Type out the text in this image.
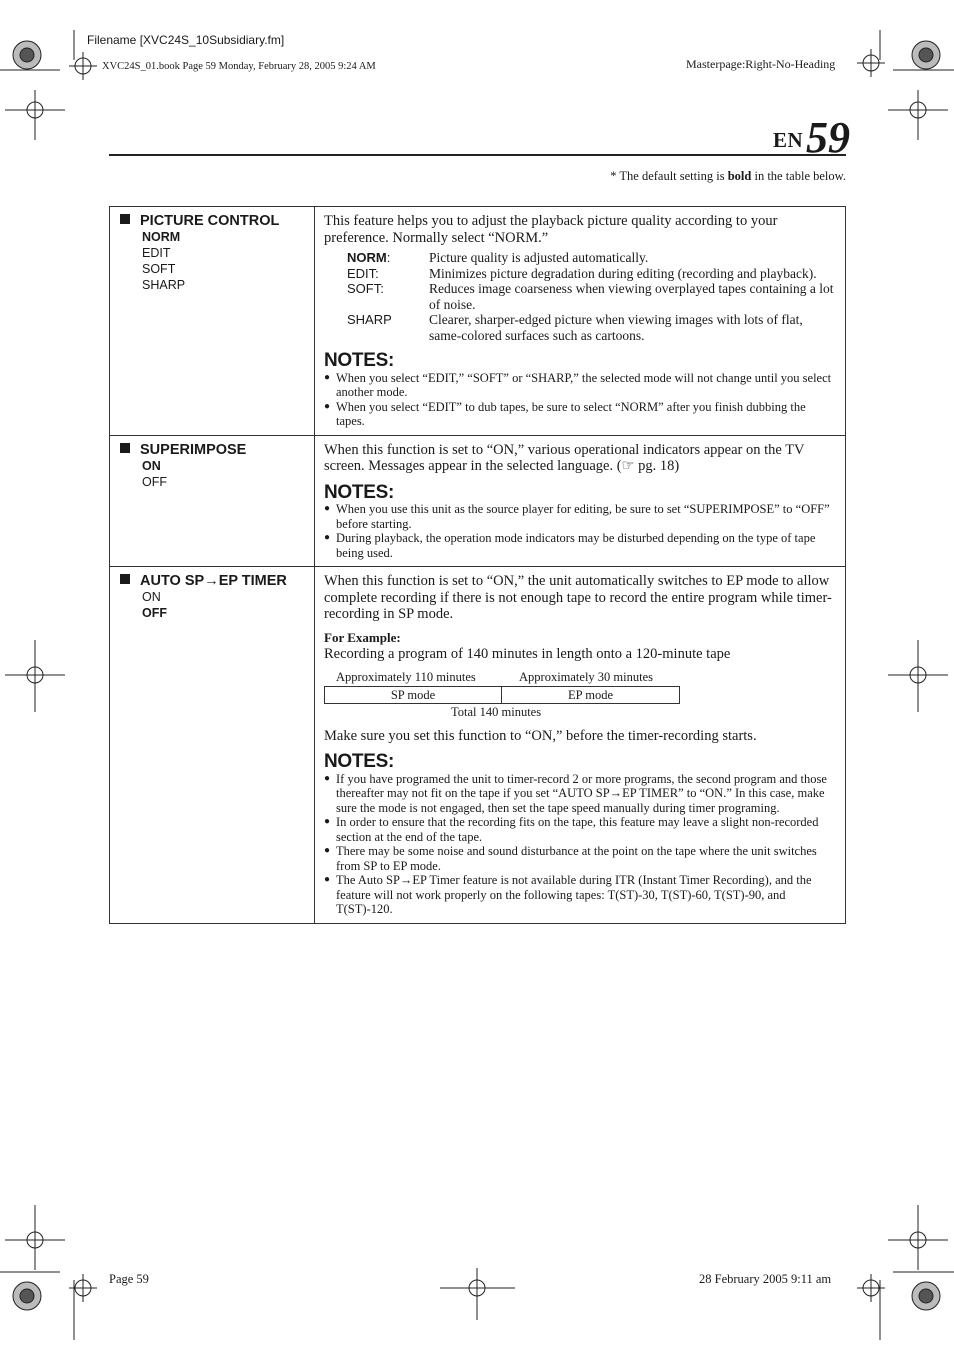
Filename [XVC24S_10Subsidiary.fm]
XVC24S_01.book Page 59 Monday, February 28, 2005 9:24 AM	Masterpage:Right-No-Heading
EN 59
* The default setting is bold in the table below.
PICTURE CONTROL
NORM
EDIT
SOFT
SHARP

This feature helps you to adjust the playback picture quality according to your preference. Normally select “NORM.”
NORM:	Picture quality is adjusted automatically.
EDIT:	Minimizes picture degradation during editing (recording and playback).
SOFT:	Reduces image coarseness when viewing overplayed tapes containing a lot of noise.
SHARP	Clearer, sharper-edged picture when viewing images with lots of flat, same-colored surfaces such as cartoons.
NOTES:
● When you select “EDIT,” “SOFT” or “SHARP,” the selected mode will not change until you select another mode.
● When you select “EDIT” to dub tapes, be sure to select “NORM” after you finish dubbing the tapes.

SUPERIMPOSE
ON
OFF

When this function is set to “ON,” various operational indicators appear on the TV screen. Messages appear in the selected language. (☞ pg. 18)
NOTES:
● When you use this unit as the source player for editing, be sure to set “SUPERIMPOSE” to “OFF” before starting.
● During playback, the operation mode indicators may be disturbed depending on the type of tape being used.

AUTO SP→EP TIMER
ON
OFF

When this function is set to “ON,” the unit automatically switches to EP mode to allow complete recording if there is not enough tape to record the entire program while timer-recording in SP mode.
For Example:
Recording a program of 140 minutes in length onto a 120-minute tape
Approximately 110 minutes	Approximately 30 minutes
SP mode	EP mode
Total 140 minutes
Make sure you set this function to “ON,” before the timer-recording starts.
NOTES:
● If you have programed the unit to timer-record 2 or more programs, the second program and those thereafter may not fit on the tape if you set “AUTO SP→EP TIMER” to “ON.” In this case, make sure the mode is not engaged, then set the tape speed manually during timer programing.
● In order to ensure that the recording fits on the tape, this feature may leave a slight non-recorded section at the end of the tape.
● There may be some noise and sound disturbance at the point on the tape where the unit switches from SP to EP mode.
● The Auto SP→EP Timer feature is not available during ITR (Instant Timer Recording), and the feature will not work properly on the following tapes: T(ST)-30, T(ST)-60, T(ST)-90, and T(ST)-120.
Page 59	28 February 2005 9:11 am
